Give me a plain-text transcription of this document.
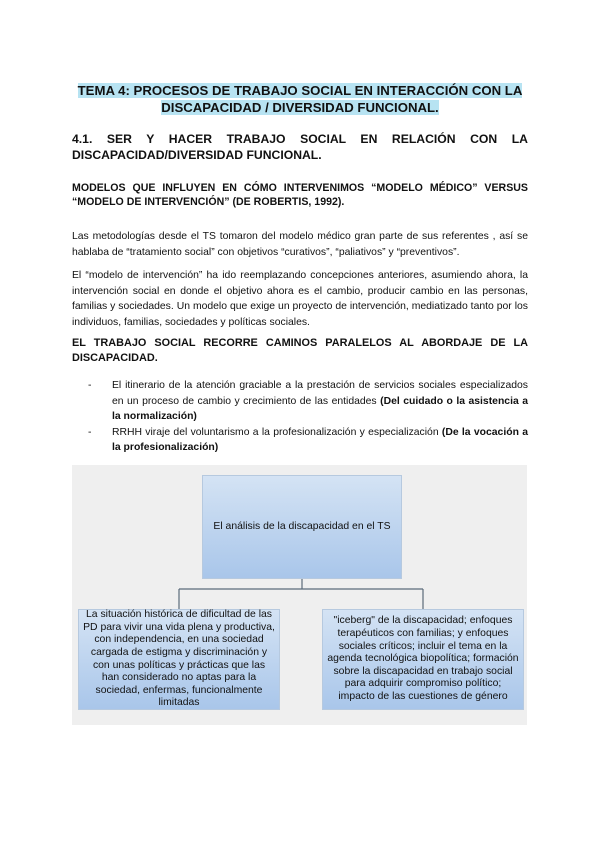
TEMA 4: PROCESOS DE TRABAJO SOCIAL EN INTERACCIÓN CON LA DISCAPACIDAD / DIVERSIDAD FUNCIONAL.
4.1. SER Y HACER TRABAJO SOCIAL EN RELACIÓN CON LA DISCAPACIDAD/DIVERSIDAD FUNCIONAL.
MODELOS QUE INFLUYEN EN CÓMO INTERVENIMOS “MODELO MÉDICO” VERSUS “MODELO DE INTERVENCIÓN” (DE ROBERTIS, 1992).
Las metodologías desde el TS tomaron del modelo médico gran parte de sus referentes , así se hablaba de “tratamiento social” con objetivos “curativos”, “paliativos” y “preventivos”.
El “modelo de intervención” ha ido reemplazando concepciones anteriores, asumiendo ahora, la intervención social en donde el objetivo ahora es el cambio, producir cambio en las personas, familias y sociedades. Un modelo que exige un proyecto de intervención, mediatizado tanto por los individuos, familias, sociedades y políticas sociales.
EL TRABAJO SOCIAL RECORRE CAMINOS PARALELOS AL ABORDAJE DE LA DISCAPACIDAD.
- El itinerario de la atención graciable a la prestación de servicios sociales especializados en un proceso de cambio y crecimiento de las entidades (Del cuidado o la asistencia a la normalización)
- RRHH viraje del voluntarismo a la profesionalización y especialización (De la vocación a la profesionalización)
El análisis de la discapacidad en el TS
La situación histórica de dificultad de las PD para vivir una vida plena y productiva, con independencia, en una sociedad cargada de estigma y discriminación y con unas políticas y prácticas que las han considerado no aptas para la sociedad, enfermas, funcionalmente limitadas
"iceberg" de la discapacidad; enfoques terapéuticos con familias; y enfoques sociales críticos; incluir el tema en la agenda tecnológica biopolítica; formación sobre la discapacidad en trabajo social para adquirir compromiso político; impacto de las cuestiones de género
